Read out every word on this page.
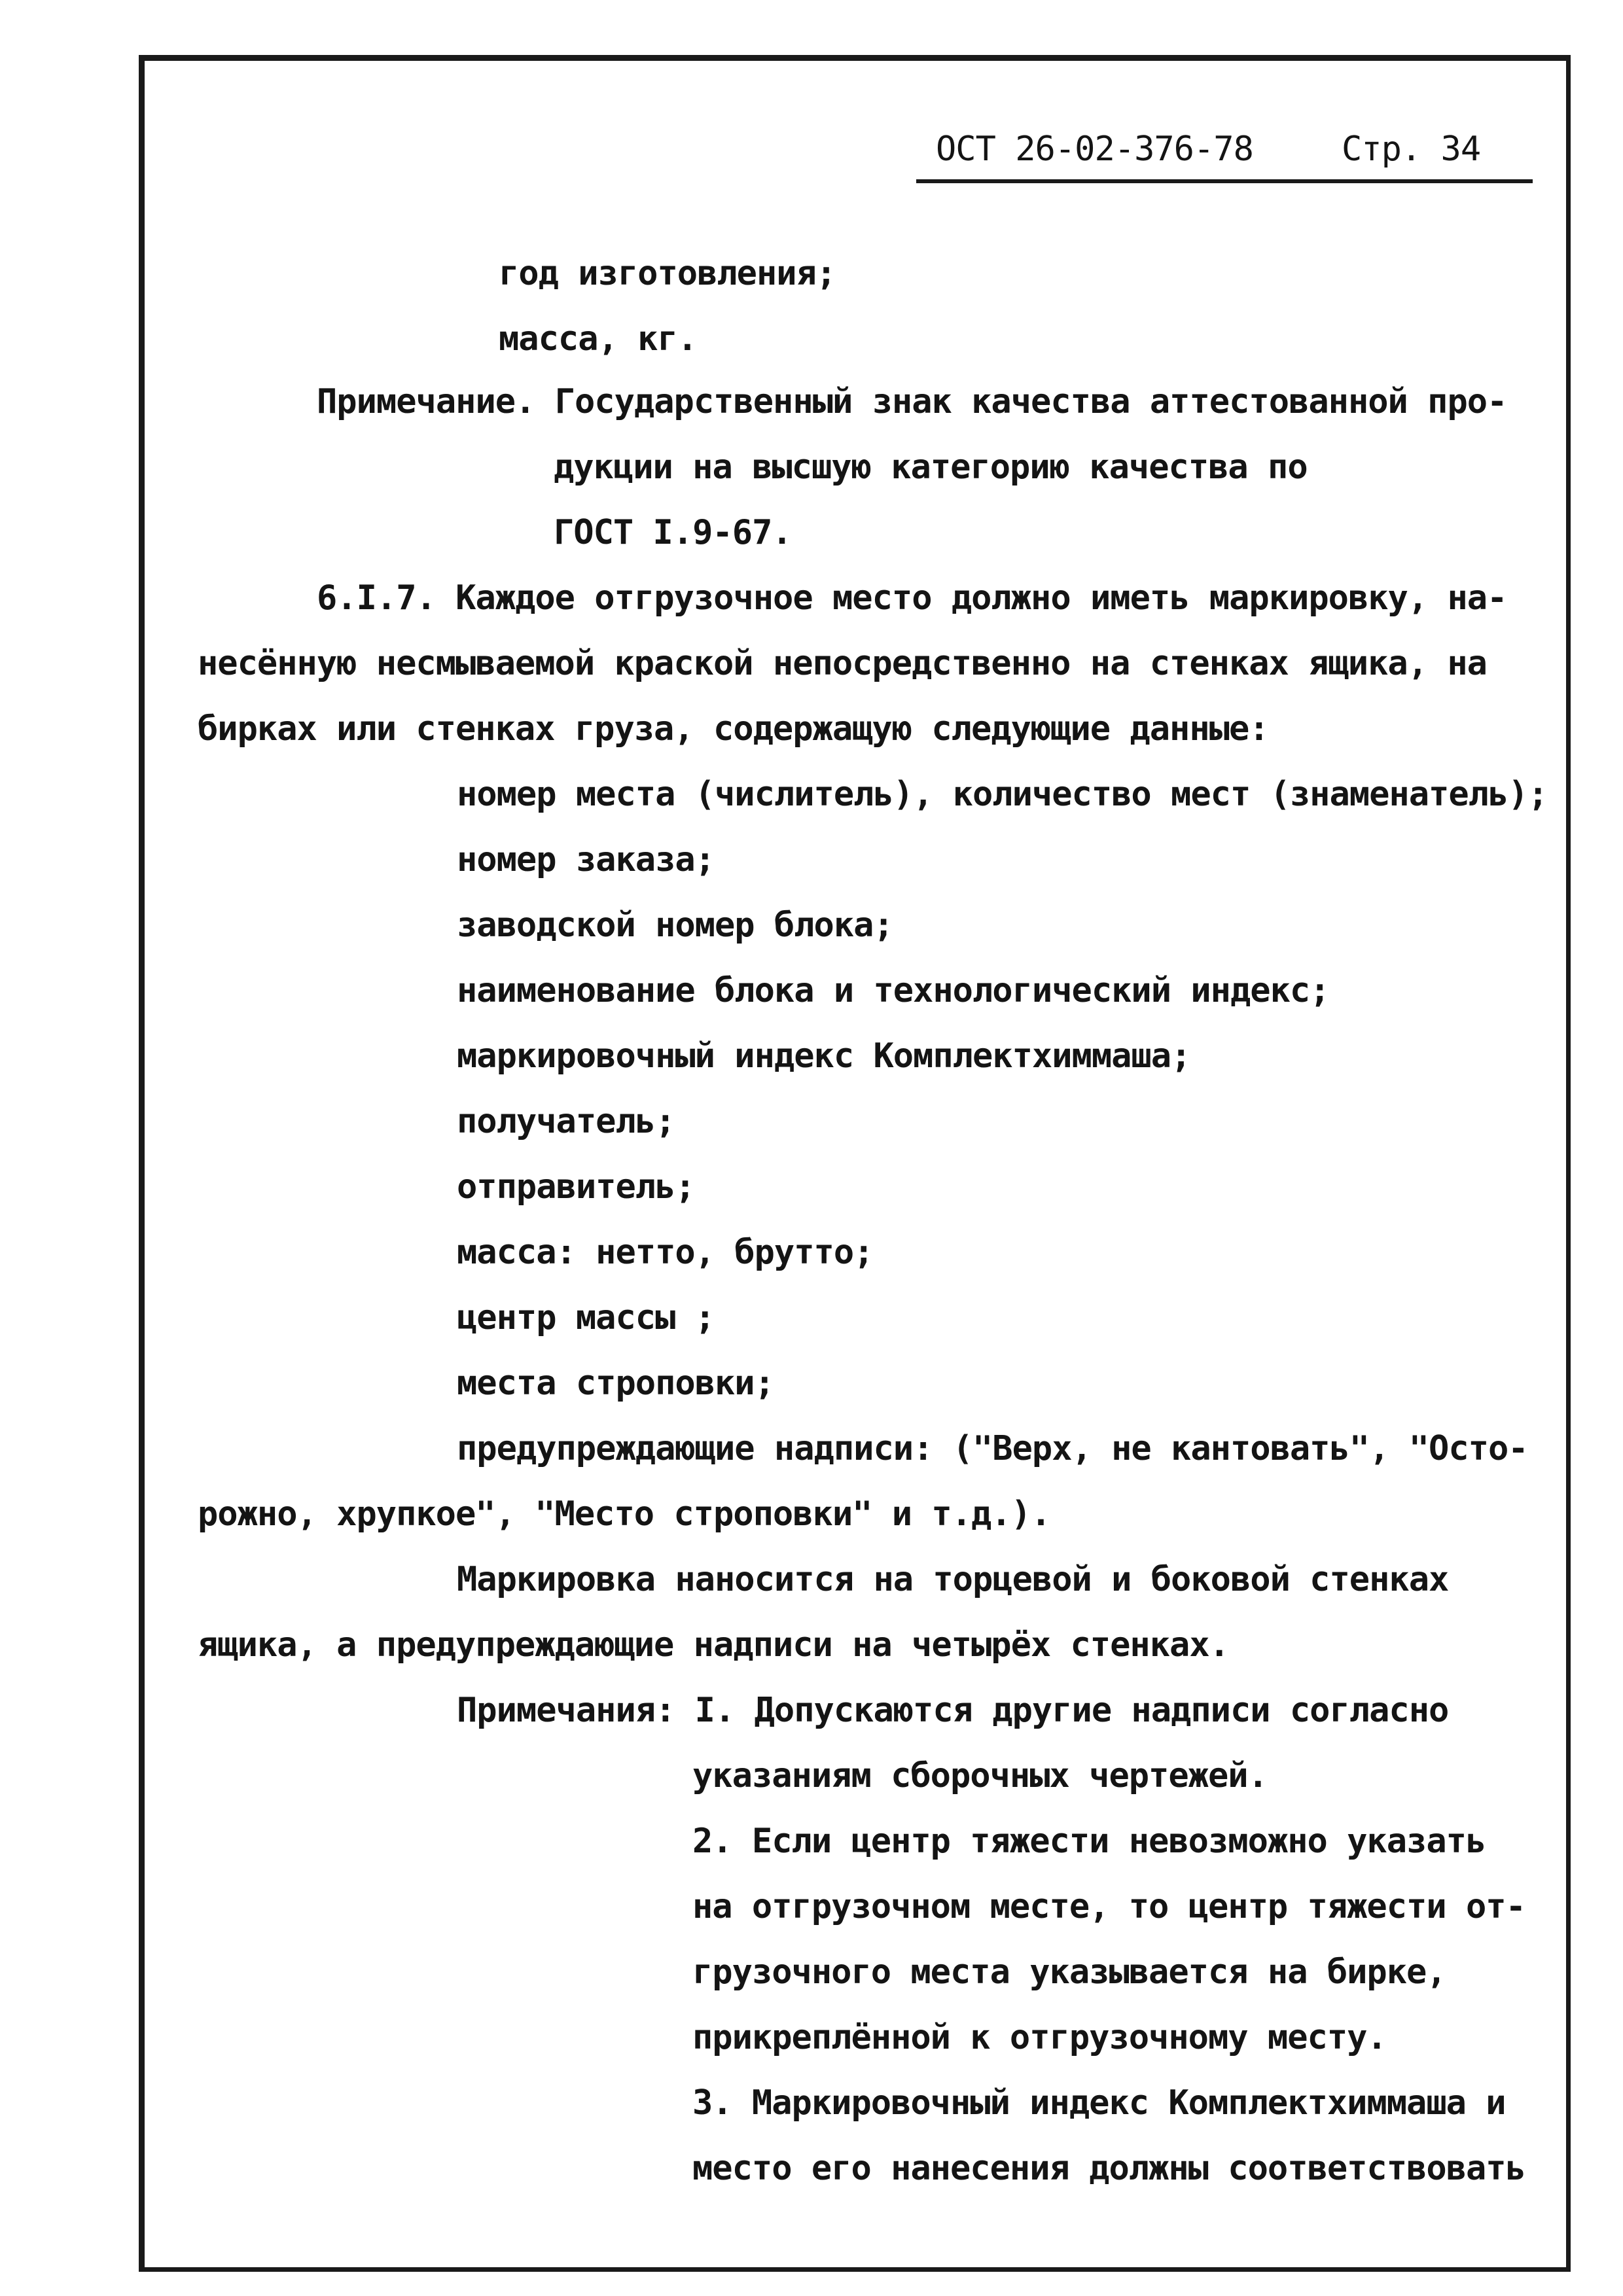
ОСТ 26-02-376-78	Стр. 34
год изготовления;
масса, кг.
Примечание. Государственный знак качества аттестованной про-
дукции на высшую категорию качества по
ГОСТ I.9-67.
6.I.7. Каждое отгрузочное место должно иметь маркировку, на-
несённую несмываемой краской непосредственно на стенках ящика, на
бирках или стенках груза, содержащую следующие данные:
номер места (числитель), количество мест (знаменатель);
номер заказа;
заводской номер блока;
наименование блока и технологический индекс;
маркировочный индекс Комплектхиммаша;
получатель;
отправитель;
масса: нетто, брутто;
центр массы ;
места строповки;
предупреждающие надписи: ("Верх, не кантовать", "Осто-
рожно, хрупкое", "Место строповки" и т.д.).
Маркировка наносится на торцевой и боковой стенках
ящика, а предупреждающие надписи на четырёх стенках.
Примечания: I. Допускаются другие надписи согласно
указаниям сборочных чертежей.
2. Если центр тяжести невозможно указать
на отгрузочном месте, то центр тяжести от-
грузочного места указывается на бирке,
прикреплённой к отгрузочному месту.
3. Маркировочный индекс Комплектхиммаша и
место его нанесения должны соответствовать
